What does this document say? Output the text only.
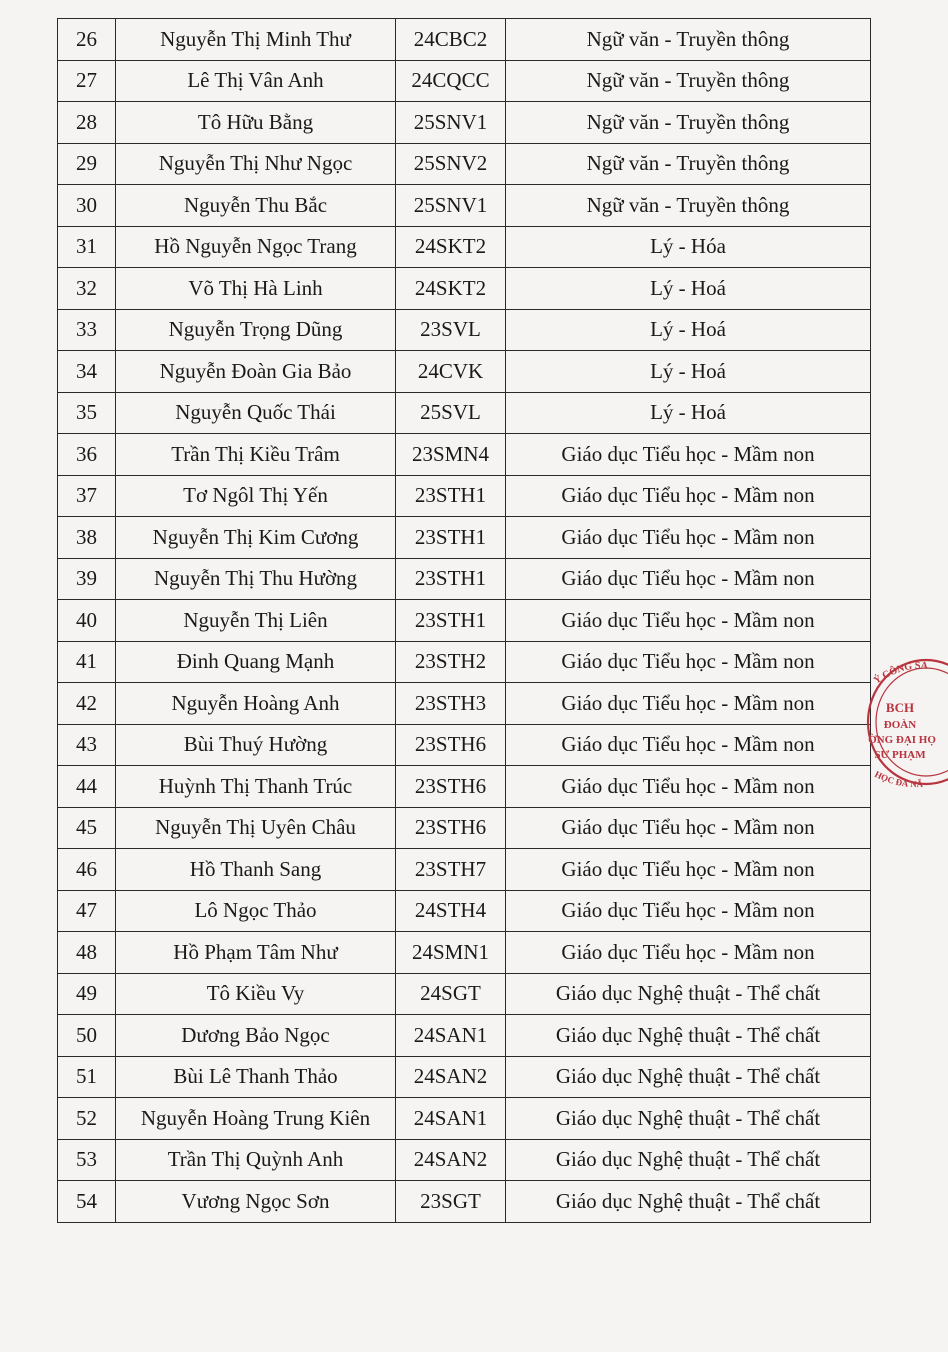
26	Nguyễn Thị Minh Thư	24CBC2	Ngữ văn - Truyền thông
27	Lê Thị Vân Anh	24CQCC	Ngữ văn - Truyền thông
28	Tô Hữu Bằng	25SNV1	Ngữ văn - Truyền thông
29	Nguyễn Thị Như Ngọc	25SNV2	Ngữ văn - Truyền thông
30	Nguyễn Thu Bắc	25SNV1	Ngữ văn - Truyền thông
31	Hồ Nguyễn Ngọc Trang	24SKT2	Lý - Hóa
32	Võ Thị Hà Linh	24SKT2	Lý - Hoá
33	Nguyễn Trọng Dũng	23SVL	Lý - Hoá
34	Nguyễn Đoàn Gia Bảo	24CVK	Lý - Hoá
35	Nguyễn Quốc Thái	25SVL	Lý - Hoá
36	Trần Thị Kiều Trâm	23SMN4	Giáo dục Tiểu học - Mầm non
37	Tơ Ngôl Thị Yến	23STH1	Giáo dục Tiểu học - Mầm non
38	Nguyễn Thị Kim Cương	23STH1	Giáo dục Tiểu học - Mầm non
39	Nguyễn Thị Thu Hường	23STH1	Giáo dục Tiểu học - Mầm non
40	Nguyễn Thị Liên	23STH1	Giáo dục Tiểu học - Mầm non
41	Đinh Quang Mạnh	23STH2	Giáo dục Tiểu học - Mầm non
42	Nguyễn Hoàng Anh	23STH3	Giáo dục Tiểu học - Mầm non
43	Bùi Thuý Hường	23STH6	Giáo dục Tiểu học - Mầm non
44	Huỳnh Thị Thanh Trúc	23STH6	Giáo dục Tiểu học - Mầm non
45	Nguyễn Thị Uyên Châu	23STH6	Giáo dục Tiểu học - Mầm non
46	Hồ Thanh Sang	23STH7	Giáo dục Tiểu học - Mầm non
47	Lô Ngọc Thảo	24STH4	Giáo dục Tiểu học - Mầm non
48	Hồ Phạm Tâm Như	24SMN1	Giáo dục Tiểu học - Mầm non
49	Tô Kiều Vy	24SGT	Giáo dục Nghệ thuật - Thể chất
50	Dương Bảo Ngọc	24SAN1	Giáo dục Nghệ thuật - Thể chất
51	Bùi Lê Thanh Thảo	24SAN2	Giáo dục Nghệ thuật - Thể chất
52	Nguyễn Hoàng Trung Kiên	24SAN1	Giáo dục Nghệ thuật - Thể chất
53	Trần Thị Quỳnh Anh	24SAN2	Giáo dục Nghệ thuật - Thể chất
54	Vương Ngọc Sơn	23SGT	Giáo dục Nghệ thuật - Thể chất
Ý CÔNG SẢ
BCH
ĐOÀN
ỜNG ĐẠI HỌ
SƯ PHẠM
HỌC ĐÀ NẴ
